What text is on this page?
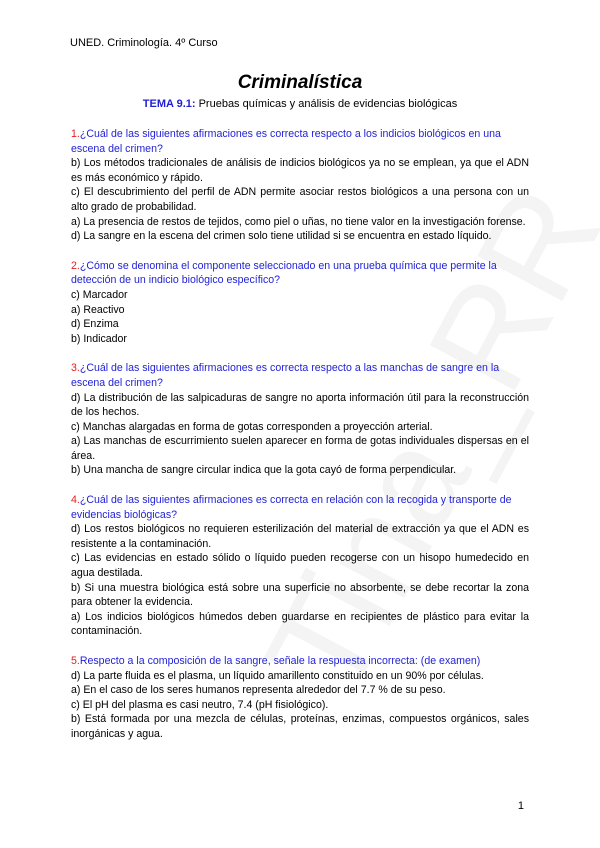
UNED. Criminología. 4º Curso
Criminalística
TEMA 9.1: Pruebas químicas y análisis de evidencias biológicas
1.¿Cuál de las siguientes afirmaciones es correcta respecto a los indicios biológicos en una escena del crimen?
b) Los métodos tradicionales de análisis de indicios biológicos ya no se emplean, ya que el ADN es más económico y rápido.
c) El descubrimiento del perfil de ADN permite asociar restos biológicos a una persona con un alto grado de probabilidad.
a) La presencia de restos de tejidos, como piel o uñas, no tiene valor en la investigación forense.
d) La sangre en la escena del crimen solo tiene utilidad si se encuentra en estado líquido.
2.¿Cómo se denomina el componente seleccionado en una prueba química que permite la detección de un indicio biológico específico?
c) Marcador
a) Reactivo
d) Enzima
b) Indicador
3.¿Cuál de las siguientes afirmaciones es correcta respecto a las manchas de sangre en la escena del crimen?
d) La distribución de las salpicaduras de sangre no aporta información útil para la reconstrucción de los hechos.
c) Manchas alargadas en forma de gotas corresponden a proyección arterial.
a) Las manchas de escurrimiento suelen aparecer en forma de gotas individuales dispersas en el área.
b) Una mancha de sangre circular indica que la gota cayó de forma perpendicular.
4.¿Cuál de las siguientes afirmaciones es correcta en relación con la recogida y transporte de evidencias biológicas?
d) Los restos biológicos no requieren esterilización del material de extracción ya que el ADN es resistente a la contaminación.
c) Las evidencias en estado sólido o líquido pueden recogerse con un hisopo humedecido en agua destilada.
b) Si una muestra biológica está sobre una superficie no absorbente, se debe recortar la zona para obtener la evidencia.
a) Los indicios biológicos húmedos deben guardarse en recipientes de plástico para evitar la contaminación.
5.Respecto a la composición de la sangre, señale la respuesta incorrecta: (de examen)
d) La parte fluida es el plasma, un líquido amarillento constituido en un 90% por células.
a) En el caso de los seres humanos representa alrededor del 7.7 % de su peso.
c) El pH del plasma es casi neutro, 7.4 (pH fisiológico).
b) Está formada por una mezcla de células, proteínas, enzimas, compuestos orgánicos, sales inorgánicas y agua.
1
